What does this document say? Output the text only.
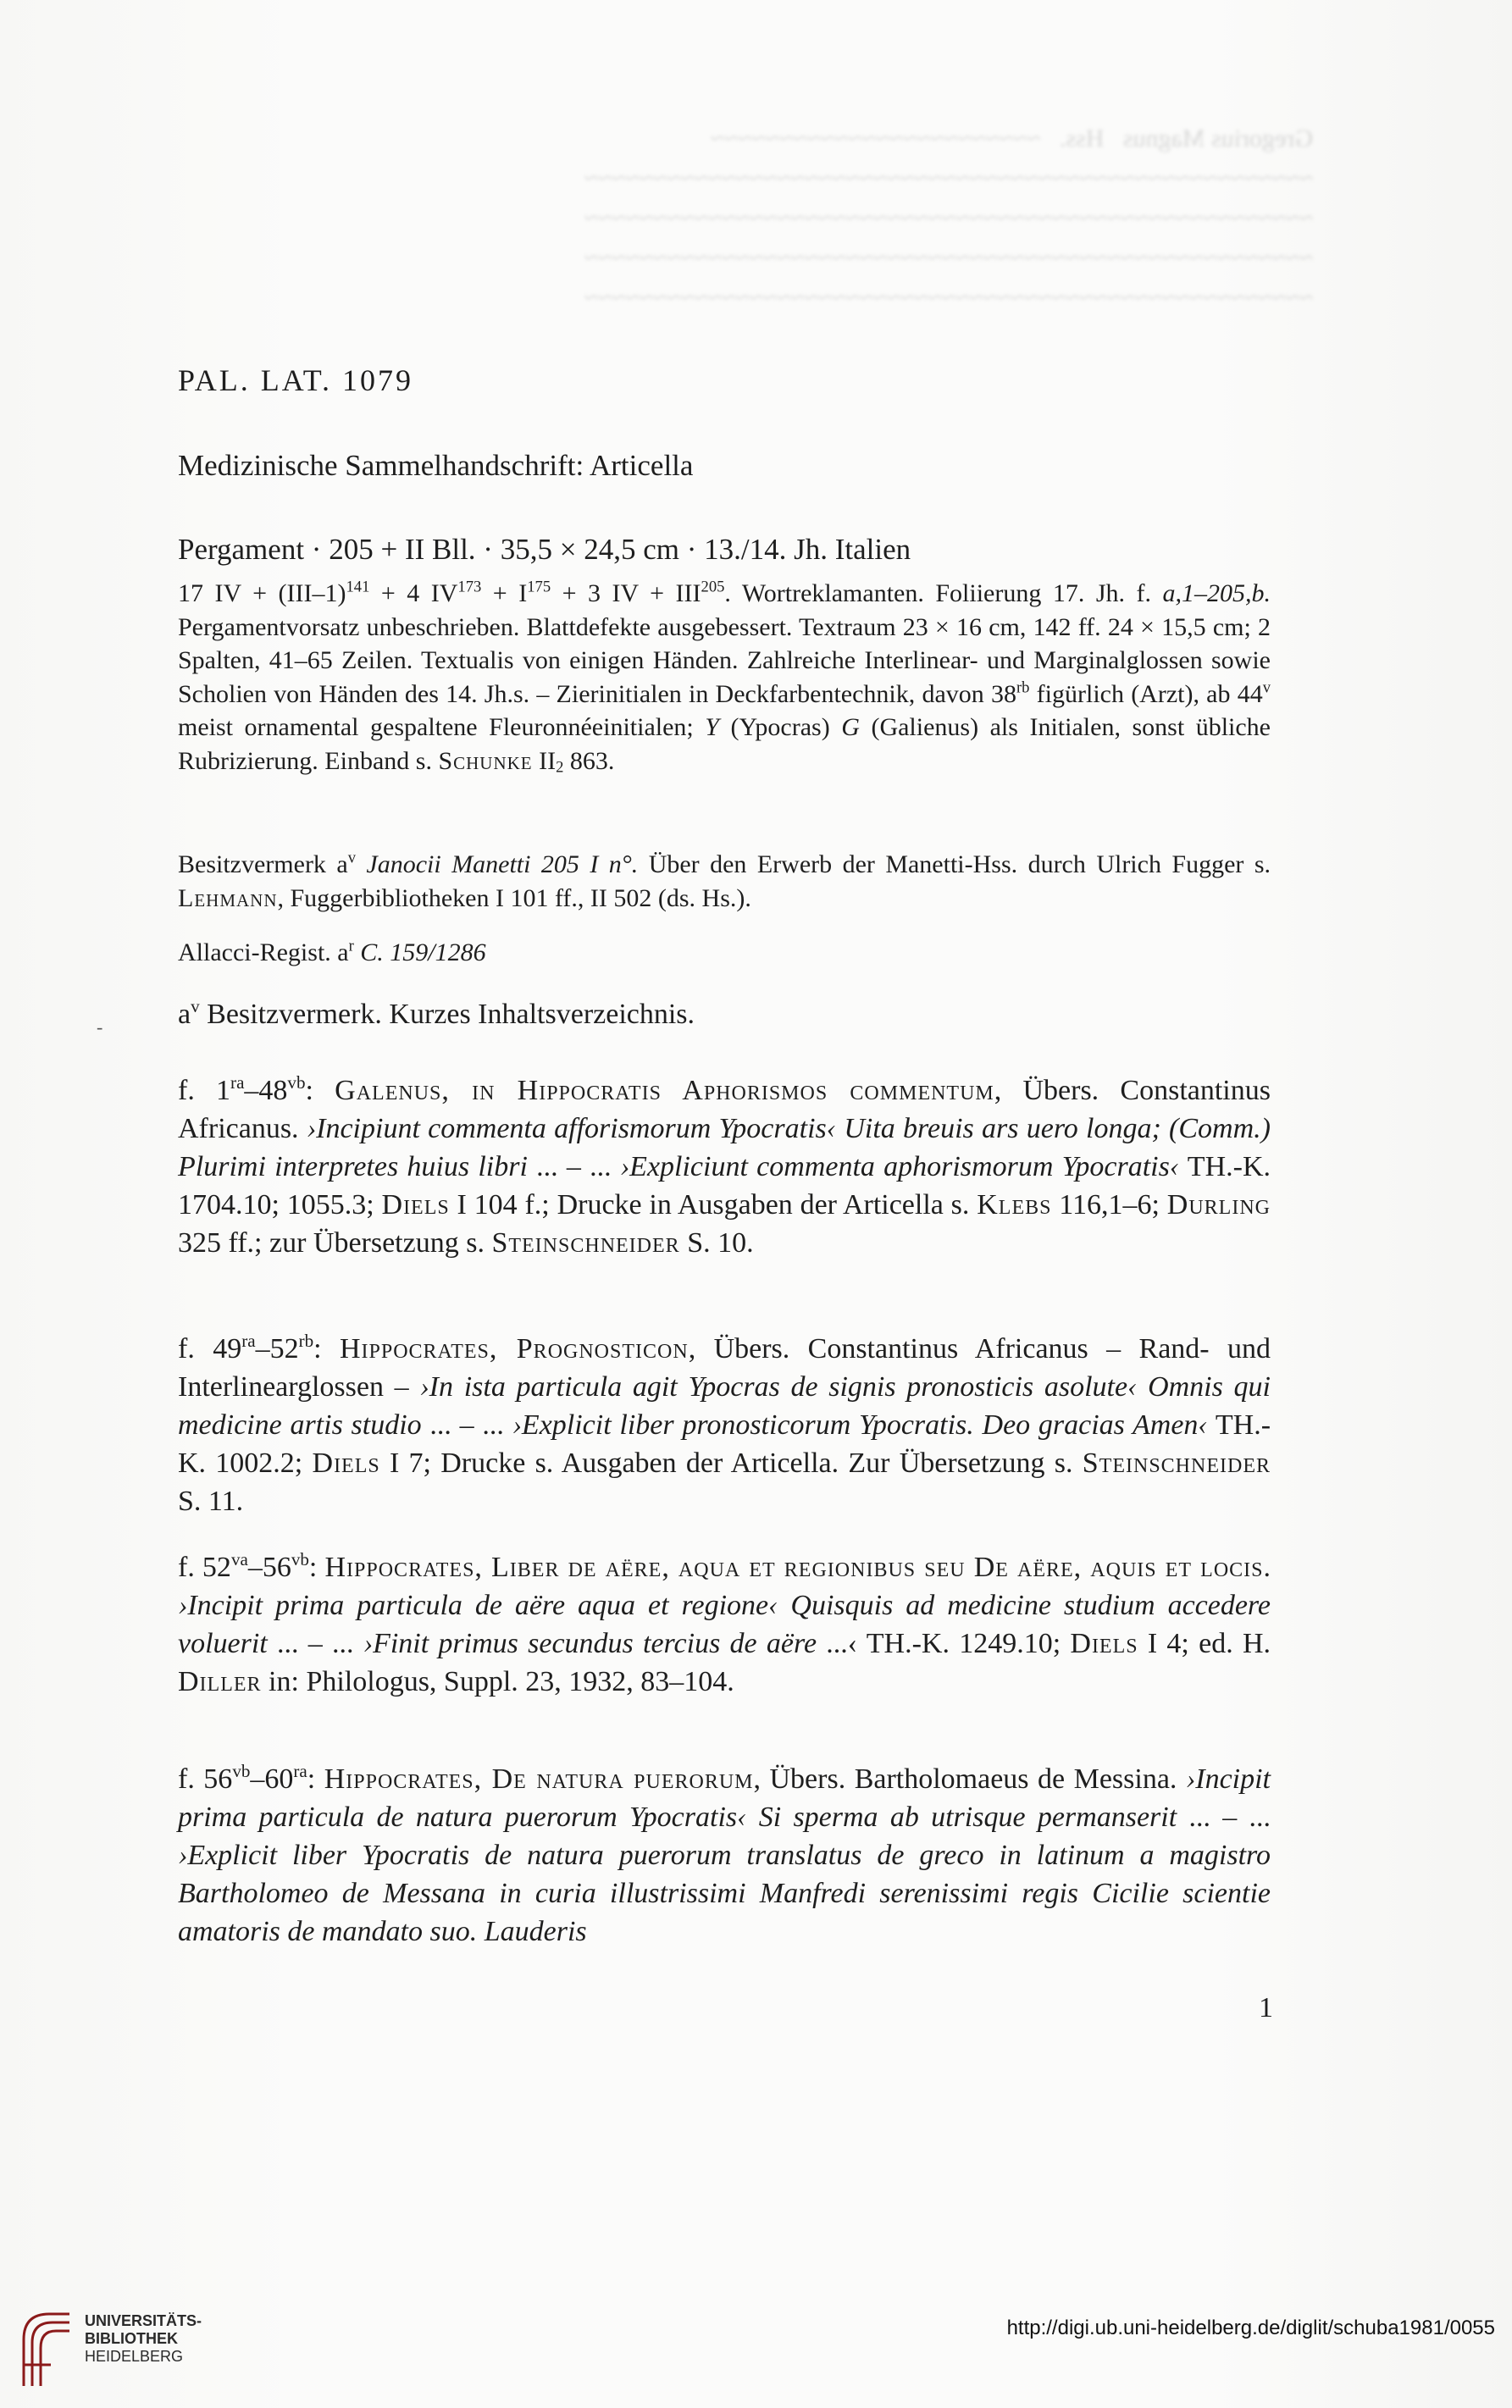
Gregorius Magnus   Hss.   ~~~~~~~~~~~~~~~~~~~~~~~~
~~~~~~~~~~~~~~~~~~~~~~~~~~~~~~~~~~~~~~~~~~~~~~~~~~~~~
~~~~~~~~~~~~~~~~~~~~~~~~~~~~~~~~~~~~~~~~~~~~~~~~~~~~~
~~~~~~~~~~~~~~~~~~~~~~~~~~~~~~~~~~~~~~~~~~~~~~~~~~~~~
~~~~~~~~~~~~~~~~~~~~~~~~~~~~~~~~~~~~~~~~~~~~~~~~~~~~~
PAL. LAT. 1079
Medizinische Sammelhandschrift: Articella
Pergament · 205 + II Bll. · 35,5 × 24,5 cm · 13./14. Jh. Italien

17 IV + $(III-1)^{141} + 4$ $IV^{173} + I^{175} + 3$ IV + $III^{205}$. Wortreklamanten. Foliierung 17. Jh. f. a,1–205,b. Pergamentvorsatz unbeschrieben. Blattdefekte ausgebessert. Textraum 23 × 16 cm, 142 ff. 24 × 15,5 cm; 2 Spalten, 41–65 Zeilen. Textualis von einigen Händen. Zahlreiche Interlinear- und Marginalglossen sowie Scholien von Händen des 14. Jh.s. – Zierinitialen in Deckfarbentechnik, davon $38^{rb}$ figürlich (Arzt), ab 44$^v$ meist ornamental gespaltene Fleuronnéeinitialen; Y (Ypocras) G (Galienus) als Initialen, sonst übliche Rubrizierung. Einband s. Schunke $II_2$ 863.

Besitzvermerk $a^v$ Janocii Manetti 205 I n°. Über den Erwerb der Manetti-Hss. durch Ulrich Fugger s. Lehmann, Fuggerbibliotheken I 101 ff., II 502 (ds. Hs.).

Allacci-Regist. $a^r$ C. 159/1286

-	$a^v$ Besitzvermerk. Kurzes Inhaltsverzeichnis.

f. $1^{ra}-48^{vb}$: Galenus, in Hippocratis Aphorismos commentum, Übers. Constantinus Africanus. ›Incipiunt commenta afforismorum Ypocratis‹ Uita breuis ars uero longa; (Comm.) Plurimi interpretes huius libri ... – ... ›Expliciunt commenta aphorismorum Ypocratis‹ TH.-K. 1704.10; 1055.3; Diels I 104 f.; Drucke in Ausgaben der Articella s. Klebs 116,1–6; Durling 325 ff.; zur Übersetzung s. Steinschneider S. 10.

f. $49^{ra}-52^{rb}$: Hippocrates, Prognosticon, Übers. Constantinus Africanus – Rand- und Interlinearglossen – ›In ista particula agit Ypocras de signis pronosticis asolute‹ Omnis qui medicine artis studio ... – ... ›Explicit liber pronosticorum Ypocratis. Deo gracias Amen‹ TH.-K. 1002.2; Diels I 7; Drucke s. Ausgaben der Articella. Zur Übersetzung s. Steinschneider S. 11.

f. $52^{va}-56^{vb}$: Hippocrates, Liber de aëre, aqua et regionibus seu De aëre, aquis et locis. ›Incipit prima particula de aëre aqua et regione‹ Quisquis ad medicine studium accedere voluerit ... – ... ›Finit primus secundus tercius de aëre ...‹ TH.-K. 1249.10; Diels I 4; ed. H. Diller in: Philologus, Suppl. 23, 1932, 83–104.

f. $56^{vb}-60^{ra}$: Hippocrates, De natura puerorum, Übers. Bartholomaeus de Messina. ›Incipit prima particula de natura puerorum Ypocratis‹ Si sperma ab utrisque permanserit ... – ... ›Explicit liber Ypocratis de natura puerorum translatus de greco in latinum a magistro Bartholomeo de Messana in curia illustrissimi Manfredi serenissimi regis Cicilie scientie amatoris de mandato suo. Lauderis

1
UNIVERSITÄTS-
BIBLIOTHEK
HEIDELBERG
http://digi.ub.uni-heidelberg.de/diglit/schuba1981/0055
